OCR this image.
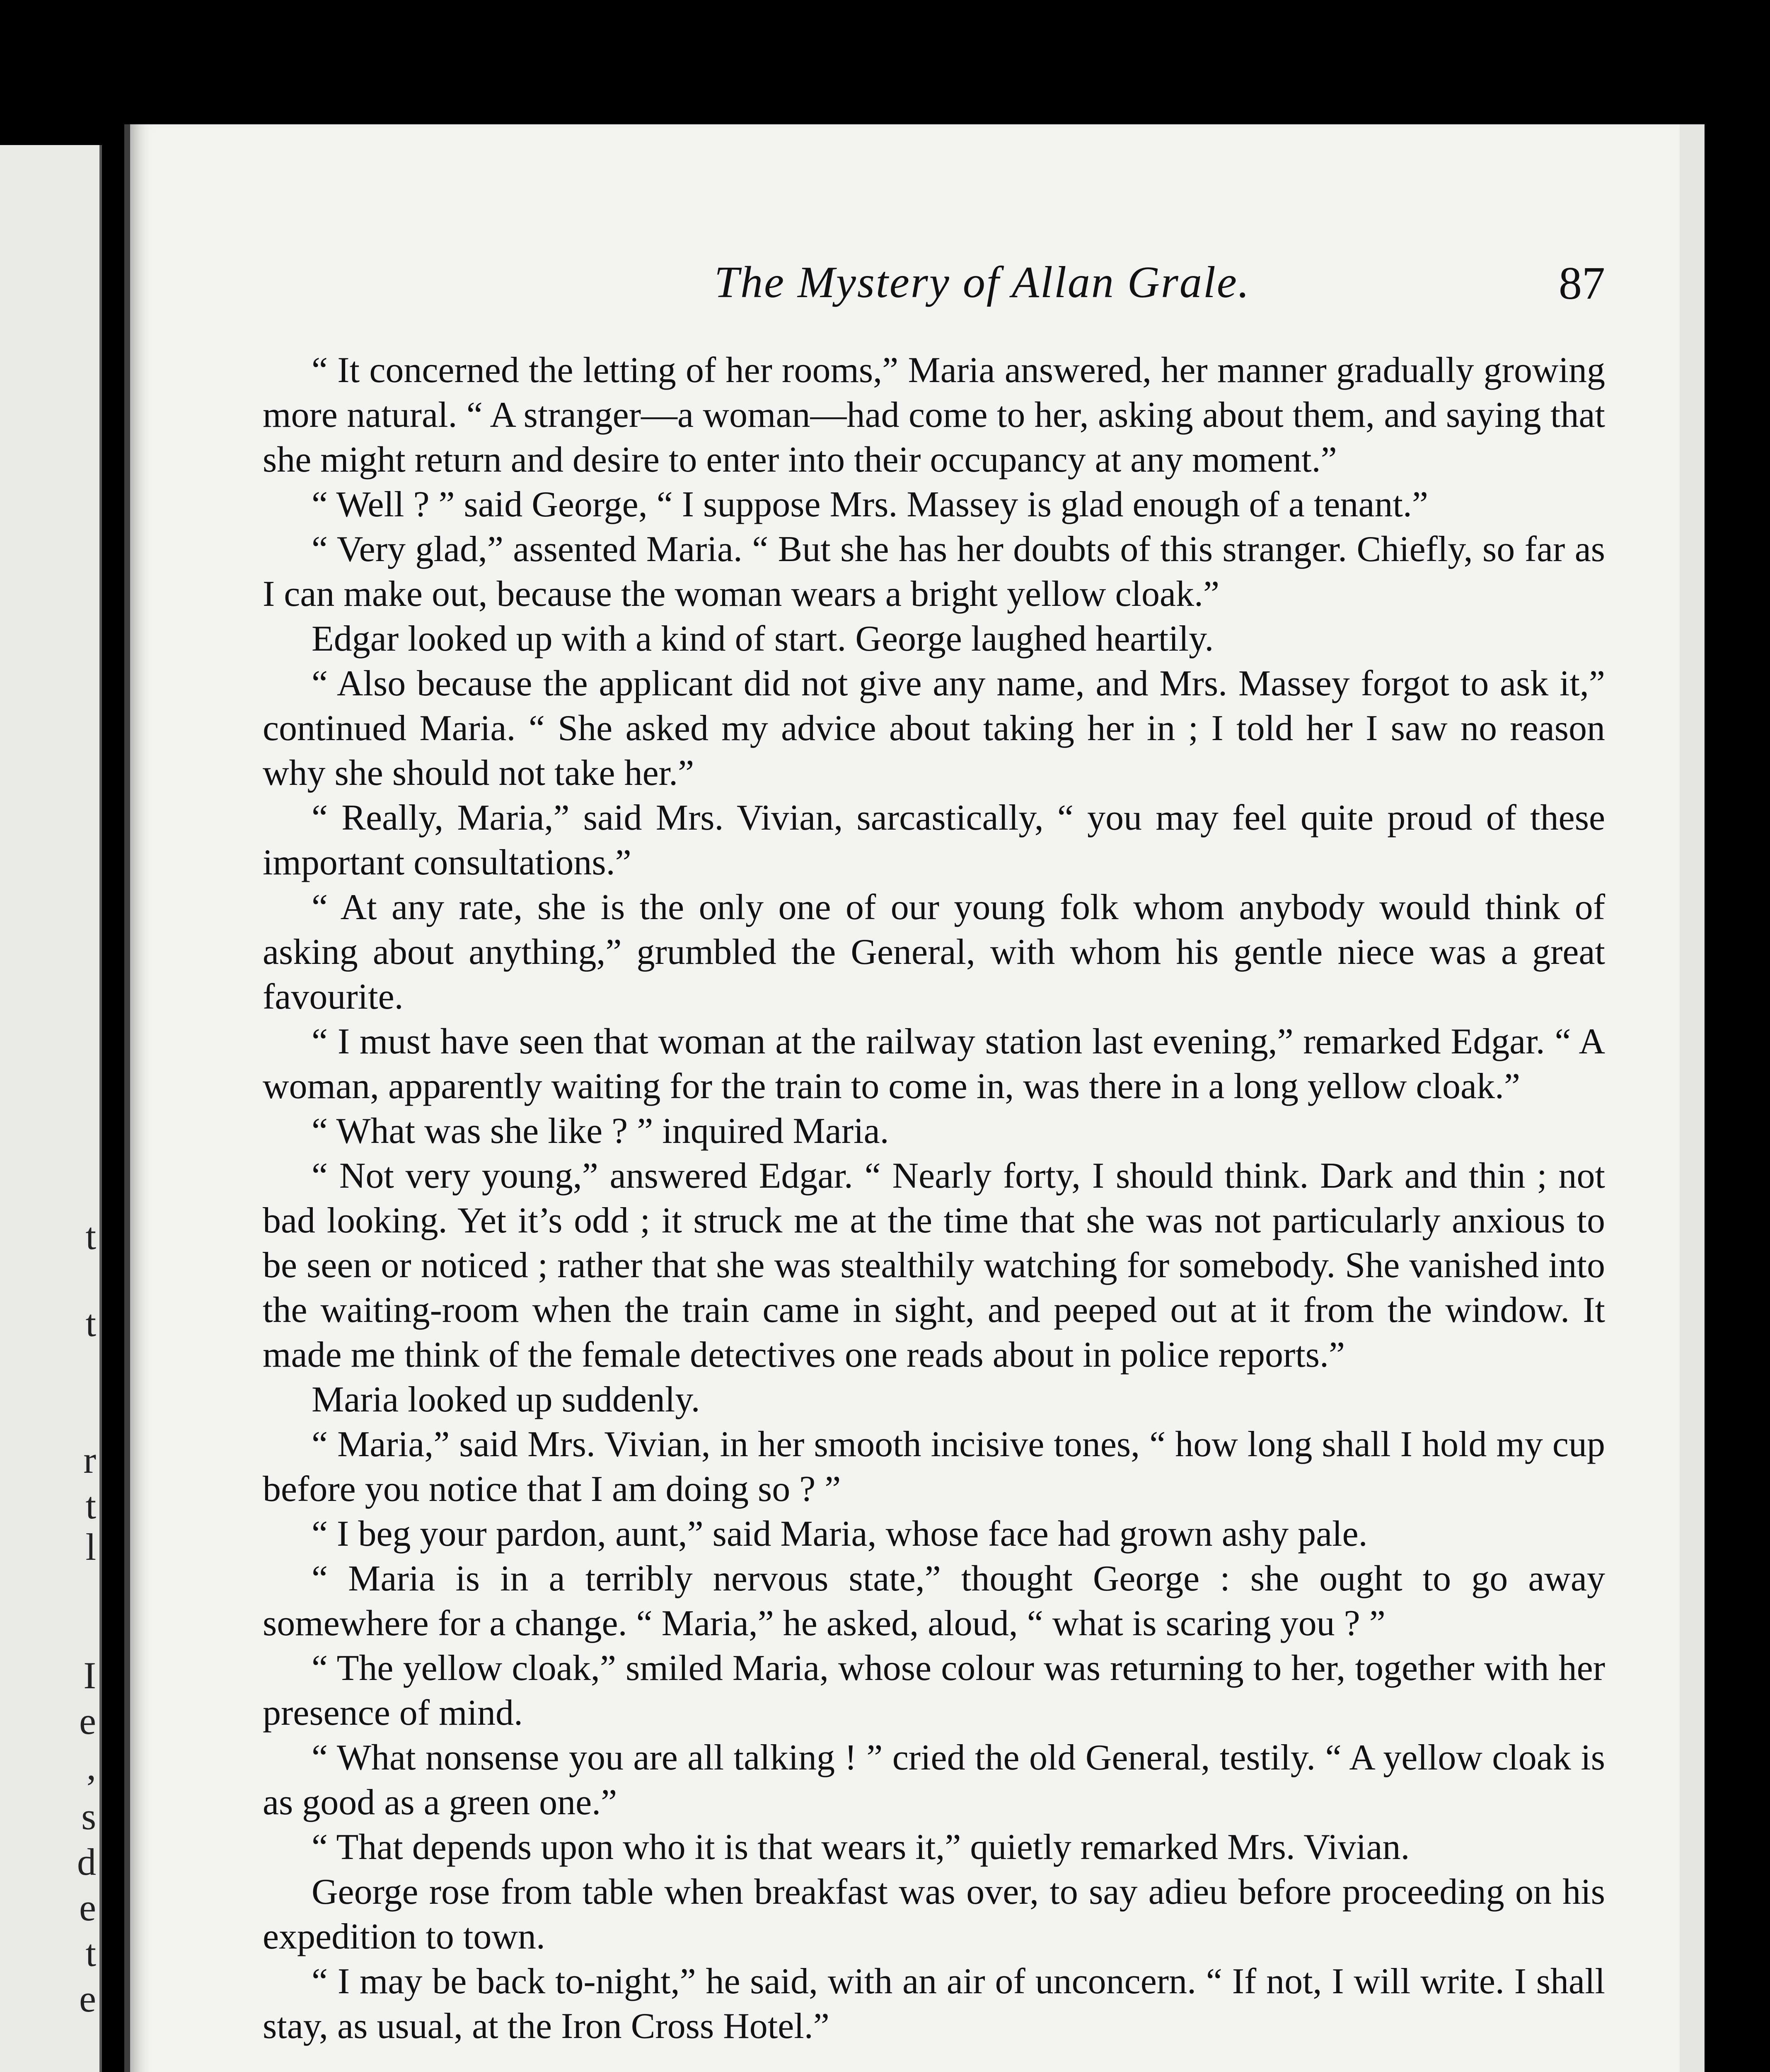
t
t
r
t
l
I
e
,
s
d
e
t
e
The Mystery of Allan Grale.	87

“ It concerned the letting of her rooms,” Maria answered, her manner gradually growing more natural. “ A stranger—a woman—had come to her, asking about them, and saying that she might return and desire to enter into their occupancy at any moment.”

“ Well ? ” said George, “ I suppose Mrs. Massey is glad enough of a tenant.”

“ Very glad,” assented Maria. “ But she has her doubts of this stranger. Chiefly, so far as I can make out, because the woman wears a bright yellow cloak.”

Edgar looked up with a kind of start. George laughed heartily.

“ Also because the applicant did not give any name, and Mrs. Massey forgot to ask it,” continued Maria. “ She asked my advice about taking her in ; I told her I saw no reason why she should not take her.”

“ Really, Maria,” said Mrs. Vivian, sarcastically, “ you may feel quite proud of these important consultations.”

“ At any rate, she is the only one of our young folk whom anybody would think of asking about anything,” grumbled the General, with whom his gentle niece was a great favourite.

“ I must have seen that woman at the railway station last evening,” remarked Edgar. “ A woman, apparently waiting for the train to come in, was there in a long yellow cloak.”

“ What was she like ? ” inquired Maria.

“ Not very young,” answered Edgar. “ Nearly forty, I should think. Dark and thin ; not bad looking. Yet it’s odd ; it struck me at the time that she was not particularly anxious to be seen or noticed ; rather that she was stealthily watching for somebody. She vanished into the waiting-room when the train came in sight, and peeped out at it from the window. It made me think of the female detectives one reads about in police reports.”

Maria looked up suddenly.

“ Maria,” said Mrs. Vivian, in her smooth incisive tones, “ how long shall I hold my cup before you notice that I am doing so ? ”

“ I beg your pardon, aunt,” said Maria, whose face had grown ashy pale.

“ Maria is in a terribly nervous state,” thought George : she ought to go away somewhere for a change. “ Maria,” he asked, aloud, “ what is scaring you ? ”

“ The yellow cloak,” smiled Maria, whose colour was returning to her, together with her presence of mind.

“ What nonsense you are all talking ! ” cried the old General, testily. “ A yellow cloak is as good as a green one.”

“ That depends upon who it is that wears it,” quietly remarked Mrs. Vivian.

George rose from table when breakfast was over, to say adieu before proceeding on his expedition to town.

“ I may be back to-night,” he said, with an air of unconcern. “ If not, I will write. I shall stay, as usual, at the Iron Cross Hotel.”
